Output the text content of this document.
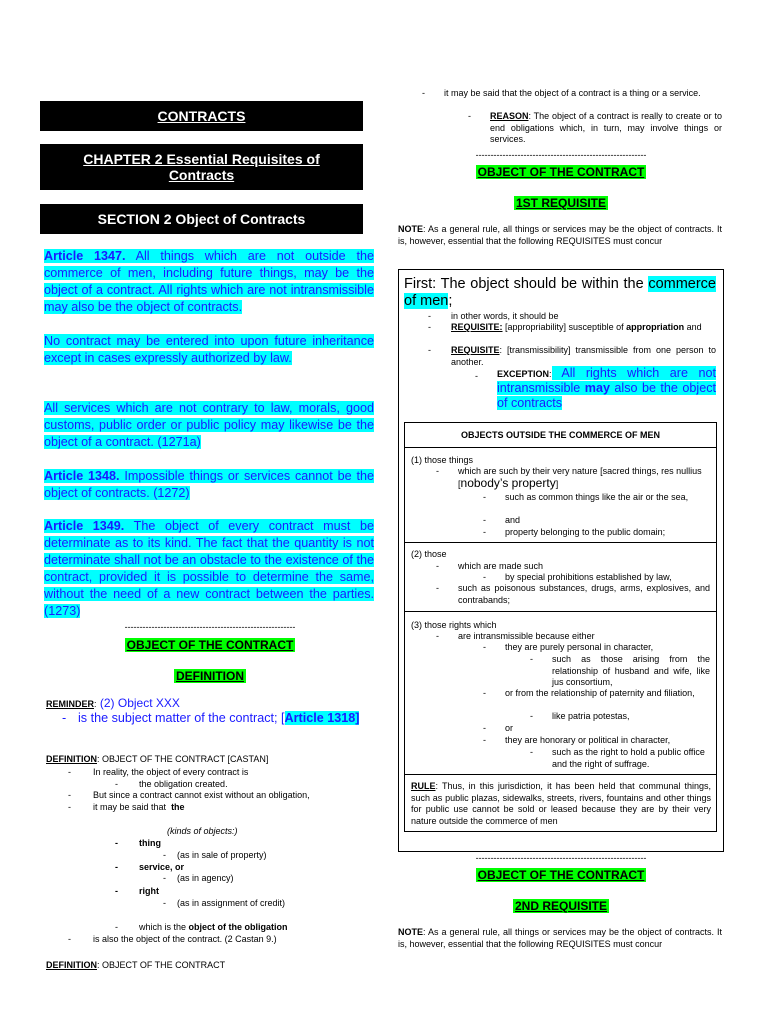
CONTRACTS
CHAPTER 2 Essential Requisites of Contracts
SECTION 2 Object of Contracts

Article 1347. All things which are not outside the commerce of men, including future things, may be the object of a contract. All rights which are not intransmissible may also be the object of contracts.

No contract may be entered into upon future inheritance except in cases expressly authorized by law.

All services which are not contrary to law, morals, good customs, public order or public policy may likewise be the object of a contract. (1271a)

Article 1348. Impossible things or services cannot be the object of contracts. (1272)

Article 1349. The object of every contract must be determinate as to its kind. The fact that the quantity is not determinate shall not be an obstacle to the existence of the contract, provided it is possible to determine the same, without the need of a new contract between the parties. (1273)

---------------------------------------------------------
OBJECT OF THE CONTRACT
DEFINITION
REMINDER: (2) Object XXX
- is the subject matter of the contract; [Article 1318]
DEFINITION: OBJECT OF THE CONTRACT [CASTAN]
- In reality, the object of every contract is
- the obligation created.
- But since a contract cannot exist without an obligation,
- it may be said that the
(kinds of objects:)
- thing
- (as in sale of property)
- service, or
- (as in agency)
- right
- (as in assignment of credit)
- which is the object of the obligation
- is also the object of the contract. (2 Castan 9.)
DEFINITION: OBJECT OF THE CONTRACT
- it may be said that the object of a contract is a thing or a service.
- REASON: The object of a contract is really to create or to end obligations which, in turn, may involve things or services.
---------------------------------------------------------
OBJECT OF THE CONTRACT
1ST REQUISITE
NOTE: As a general rule, all things or services may be the object of contracts. It is, however, essential that the following REQUISITES must concur
First: The object should be within the commerce of men;
- in other words, it should be
- REQUISITE: [appropriability] susceptible of appropriation and
- REQUISITE: [transmissibility] transmissible from one person to another.
- EXCEPTION: All rights which are not intransmissible may also be the object of contracts
OBJECTS OUTSIDE THE COMMERCE OF MEN
(1) those things
- which are such by their very nature [sacred things, res nullius [nobody’s property]
- such as common things like the air or the sea,
- and
- property belonging to the public domain;
(2) those
- which are made such
- by special prohibitions established by law,
- such as poisonous substances, drugs, arms, explosives, and contrabands;
(3) those rights which
- are intransmissible because either
- they are purely personal in character,
- such as those arising from the relationship of husband and wife, like jus consortium,
- or from the relationship of paternity and filiation,
- like patria potestas,
- or
- they are honorary or political in character,
- such as the right to hold a public office and the right of suffrage.
RULE: Thus, in this jurisdiction, it has been held that communal things, such as public plazas, sidewalks, streets, rivers, fountains and other things for public use cannot be sold or leased because they are by their very nature outside the commerce of men
---------------------------------------------------------
OBJECT OF THE CONTRACT
2ND REQUISITE
NOTE: As a general rule, all things or services may be the object of contracts. It is, however, essential that the following REQUISITES must concur
